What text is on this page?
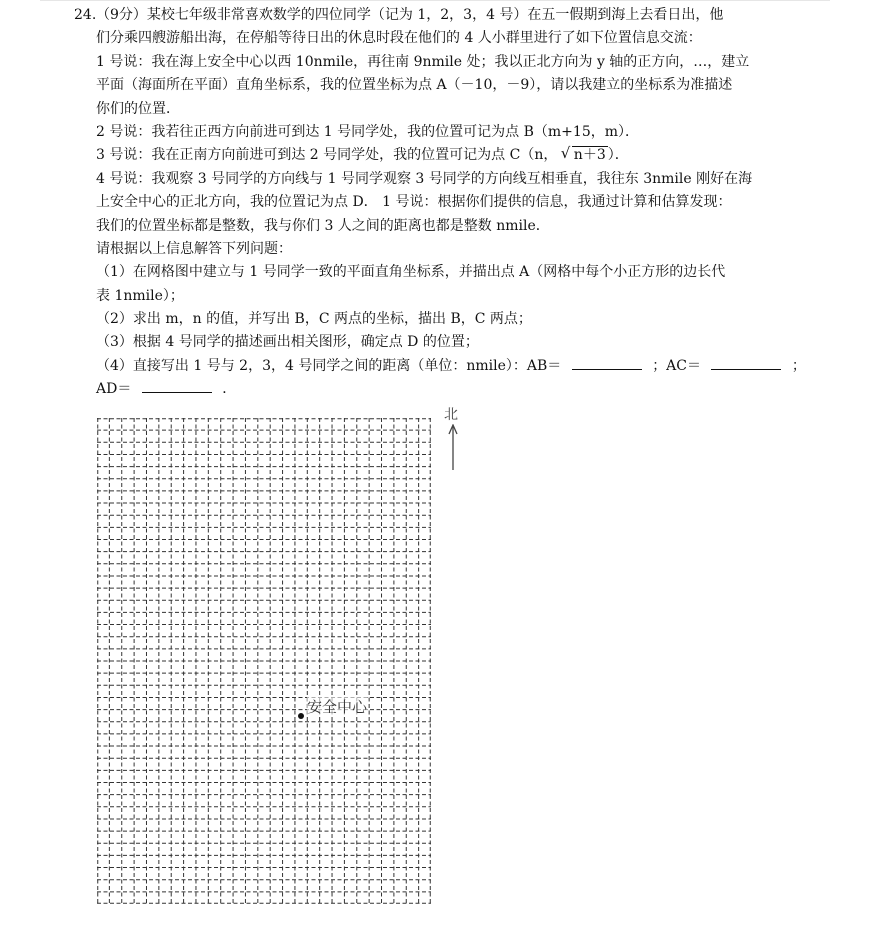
24. （9分）某校七年级非常喜欢数学的四位同学（记为 1，2，3，4 号）在五一假期到海上去看日出，他
们分乘四艘游船出海，在停船等待日出的休息时段在他们的 4 人小群里进行了如下位置信息交流：
1 号说：我在海上安全中心以西 10nmile，再往南 9nmile 处；我以正北方向为 y 轴的正方向，…，建立
平面（海面所在平面）直角坐标系，我的位置坐标为点 A（－10，－9），请以我建立的坐标系为准描述
你们的位置．
2 号说：我若往正西方向前进可到达 1 号同学处，我的位置可记为点 B（m+15，m）．
3 号说：我在正南方向前进可到达 2 号同学处，我的位置可记为点 C（n， √ n＋3 ）．
4 号说：我观察 3 号同学的方向线与 1 号同学观察 3 号同学的方向线互相垂直，我往东 3nmile 刚好在海
上安全中心的正北方向，我的位置记为点 D． 1 号说：根据你们提供的信息，我通过计算和估算发现：
我们的位置坐标都是整数，我与你们 3 人之间的距离也都是整数 nmile．
请根据以上信息解答下列问题：
（1）在网格图中建立与 1 号同学一致的平面直角坐标系，并描出点 A（网格中每个小正方形的边长代
表 1nmile）；
（2）求出 m，n 的值，并写出 B，C 两点的坐标，描出 B，C 两点；
（3）根据 4 号同学的描述画出相关图形，确定点 D 的位置；
（4）直接写出 1 号与 2，3，4 号同学之间的距离（单位：nmile）：AB＝	；AC＝	；
AD＝	．
北
安全中心
